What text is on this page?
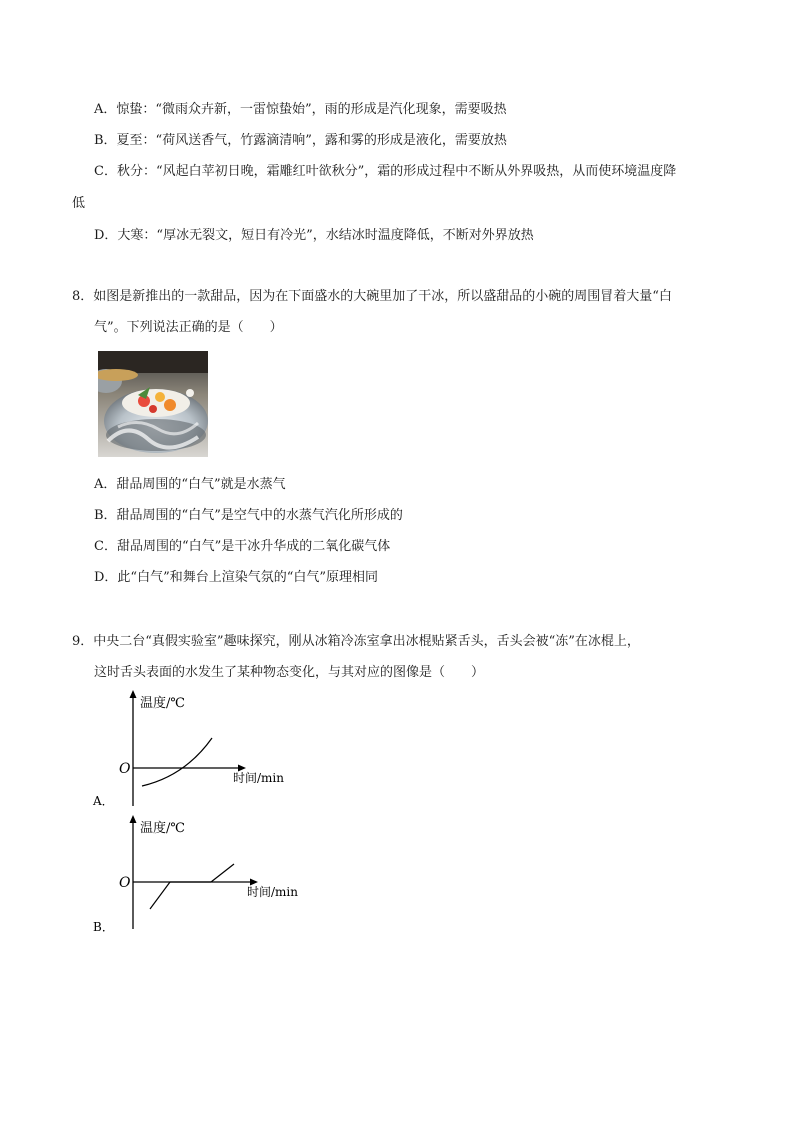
A．惊蛰：“微雨众卉新，一雷惊蛰始”，雨的形成是汽化现象，需要吸热
B．夏至：“荷风送香气，竹露滴清响”，露和雾的形成是液化，需要放热
C．秋分：“风起白苹初日晚，霜雕红叶欲秋分”，霜的形成过程中不断从外界吸热，从而使环境温度降
低
D．大寒：“厚冰无裂文，短日有冷光”，水结冰时温度降低，不断对外界放热
8．如图是新推出的一款甜品，因为在下面盛水的大碗里加了干冰，所以盛甜品的小碗的周围冒着大量“白
气”。下列说法正确的是（　　）
A．甜品周围的“白气”就是水蒸气
B．甜品周围的“白气”是空气中的水蒸气汽化所形成的
C．甜品周围的“白气”是干冰升华成的二氧化碳气体
D．此“白气”和舞台上渲染气氛的“白气”原理相同
9．中央二台“真假实验室”趣味探究，刚从冰箱冷冻室拿出冰棍贴紧舌头，舌头会被“冻”在冰棍上，
这时舌头表面的水发生了某种物态变化，与其对应的图像是（　　）
温度/℃
O
时间/min
A．
温度/℃
O
时间/min
B．
